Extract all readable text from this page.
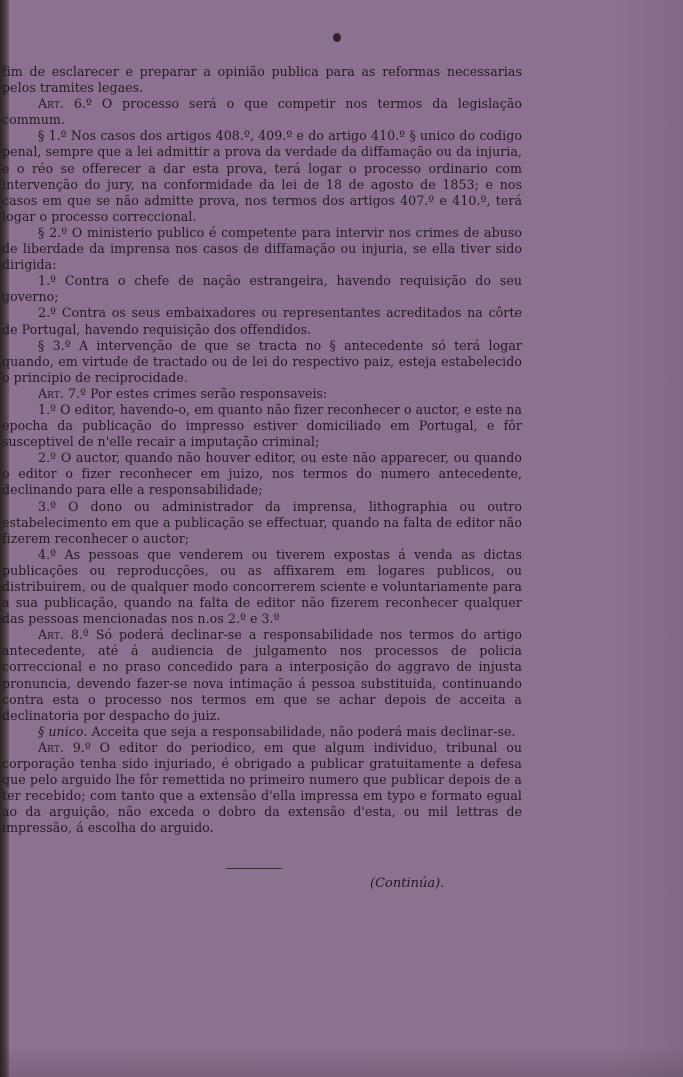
fim de esclarecer e preparar a opinião publica para as reformas necessarias pelos tramites legaes.

Art. 6.º O processo será o que competir nos termos da legislação commum.

§ 1.º Nos casos dos artigos 408.º, 409.º e do artigo 410.º § unico do codigo penal, sempre que a lei admittir a prova da verdade da diffamação ou da injuria, e o réo se offerecer a dar esta prova, terá logar o processo ordinario com intervenção do jury, na conformidade da lei de 18 de agosto de 1853; e nos casos em que se não admitte prova, nos termos dos artigos 407.º e 410.º, terá logar o processo correccional.

§ 2.º O ministerio publico é competente para intervir nos crimes de abuso de liberdade da imprensa nos casos de diffamação ou injuria, se ella tiver sido dirigida:

1.º Contra o chefe de nação estrangeira, havendo requisição do seu governo;

2.º Contra os seus embaixadores ou representantes acreditados na côrte de Portugal, havendo requisição dos offendidos.

§ 3.º A intervenção de que se tracta no § antecedente só terá logar quando, em virtude de tractado ou de lei do respectivo paiz, esteja estabelecido o principio de reciprocidade.

Art. 7.º Por estes crimes serão responsaveis:

1.º O editor, havendo-o, em quanto não fizer reconhecer o auctor, e este na epocha da publicação do impresso estiver domiciliado em Portugal, e fôr susceptivel de n'elle recair a imputação criminal;

2.º O auctor, quando não houver editor, ou este não apparecer, ou quando o editor o fizer reconhecer em juizo, nos termos do numero antecedente, declinando para elle a responsabilidade;

3.º O dono ou administrador da imprensa, lithographia ou outro estabelecimento em que a publicação se effectuar, quando na falta de editor não fizerem reconhecer o auctor;

4.º As pessoas que venderem ou tiverem expostas á venda as dictas publicações ou reproducções, ou as affixarem em logares publicos, ou distribuirem, ou de qualquer modo concorrerem sciente e voluntariamente para a sua publicação, quando na falta de editor não fizerem reconhecer qualquer das pessoas mencionadas nos n.os 2.º e 3.º

Art. 8.º Só poderá declinar-se a responsabilidade nos termos do artigo antecedente, até á audiencia de julgamento nos processos de policia correccional e no praso concedido para a interposição do aggravo de injusta pronuncia, devendo fazer-se nova intimação á pessoa substituida, continuando contra esta o processo nos termos em que se achar depois de acceita a declinatoria por despacho do juiz.

§ unico. Acceita que seja a responsabilidade, não poderá mais declinar-se.

Art. 9.º O editor do periodico, em que algum individuo, tribunal ou corporação tenha sido injuriado, é obrigado a publicar gratuitamente a defesa que pelo arguido lhe fôr remettida no primeiro numero que publicar depois de a ter recebido; com tanto que a extensão d'ella impressa em typo e formato egual ao da arguição, não exceda o dobro da extensão d'esta, ou mil lettras de impressão, á escolha do arguido.

(Continúa).
